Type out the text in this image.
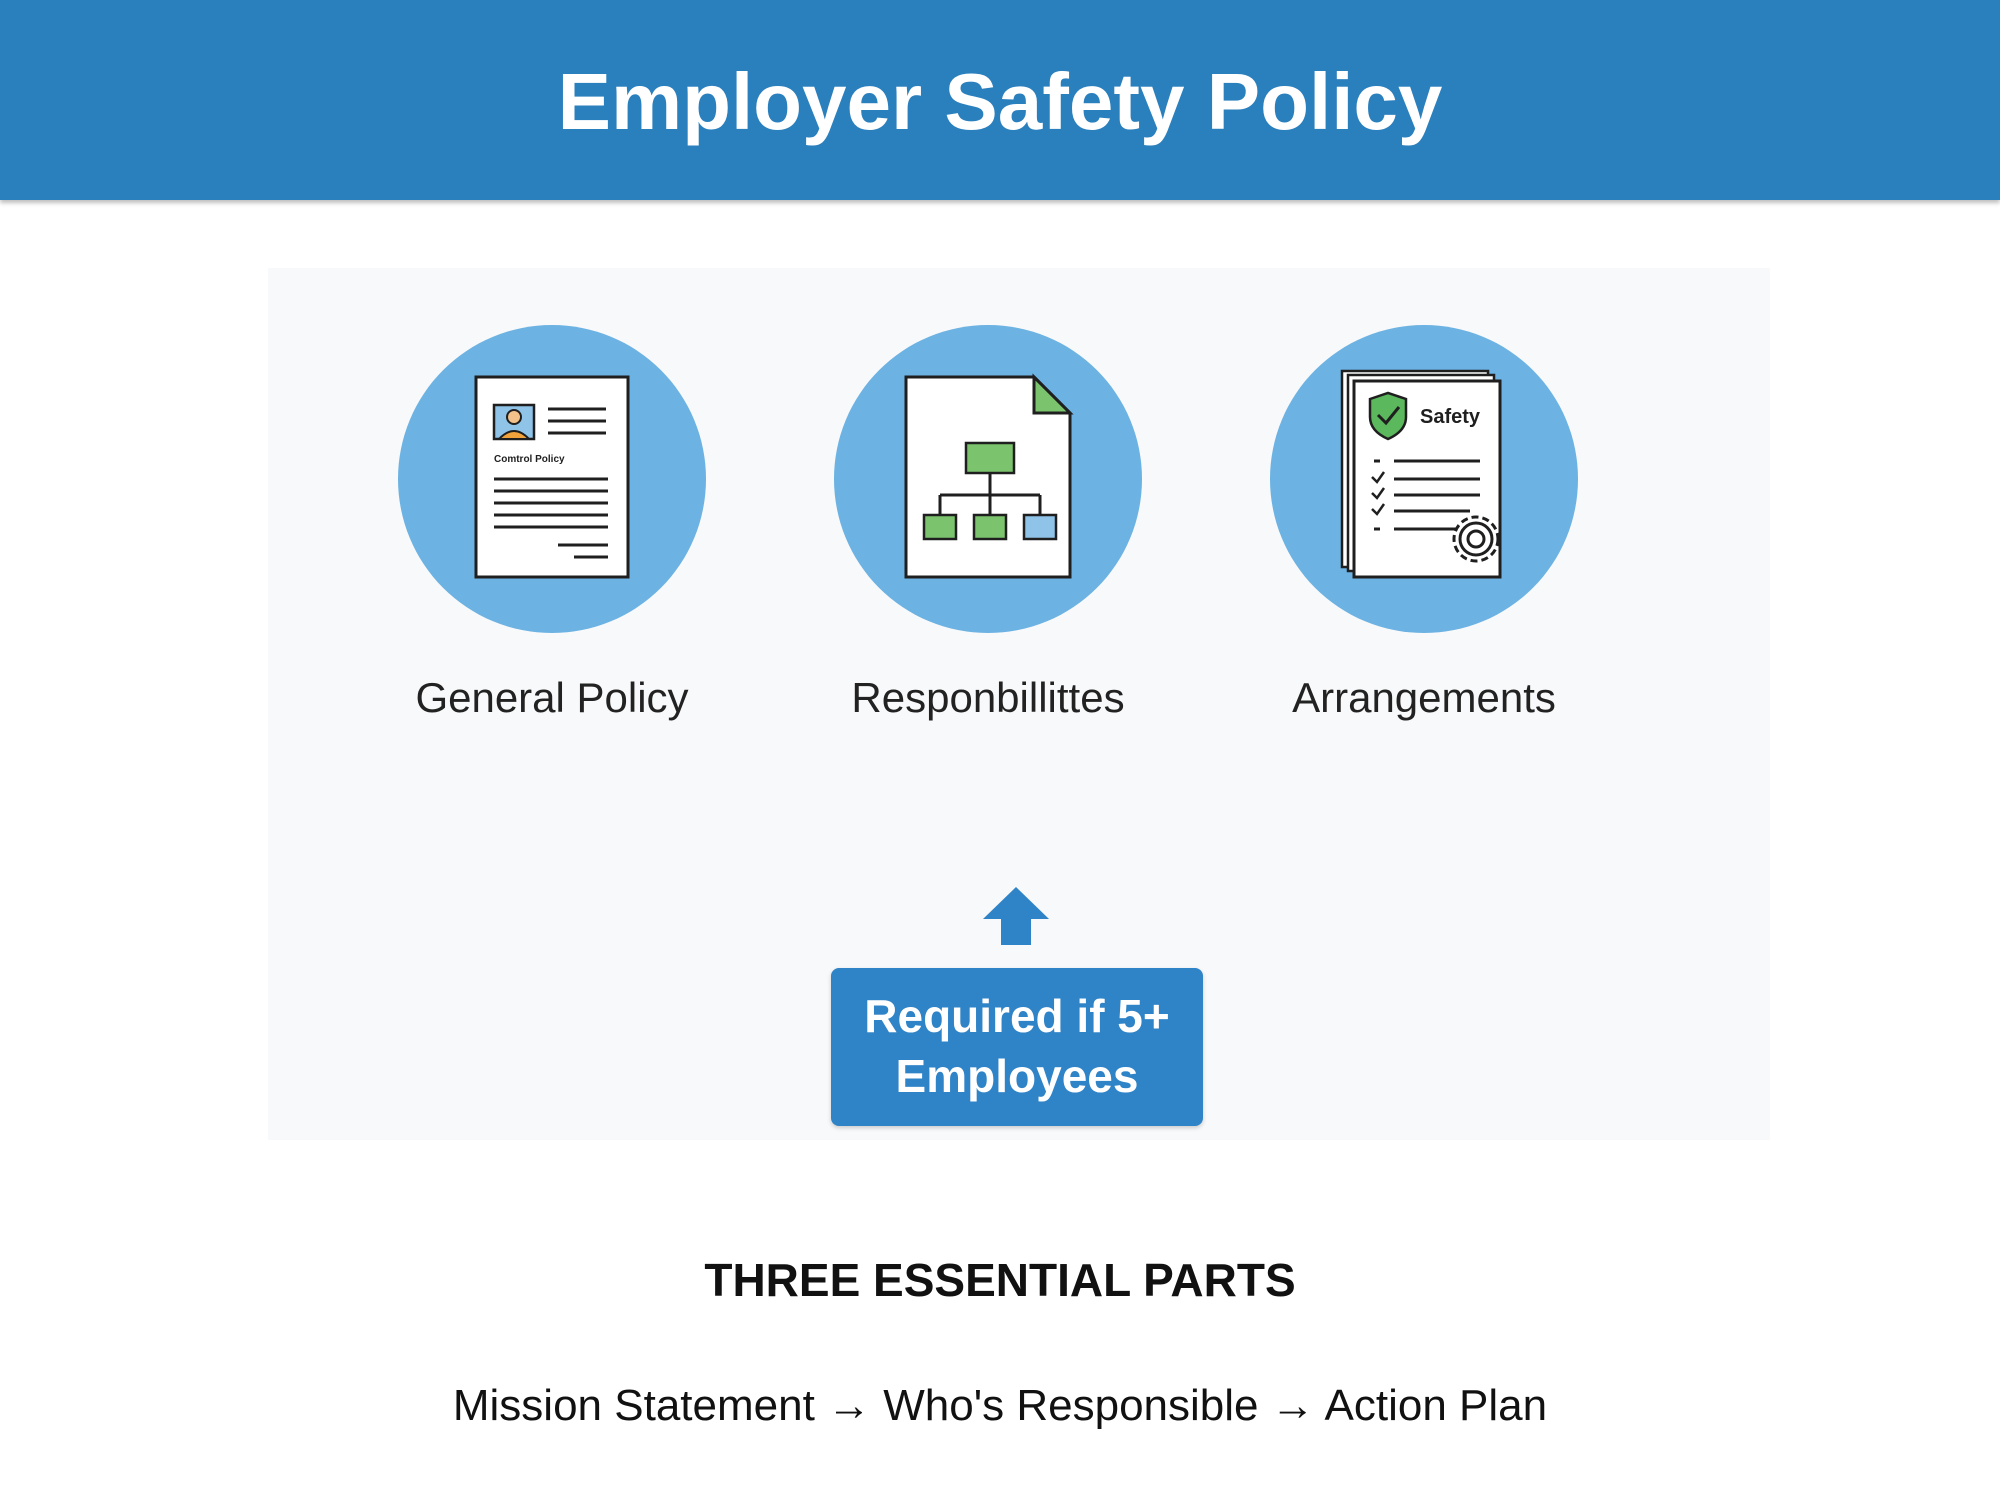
Employer Safety Policy
Comtrol Policy
General Policy	Responbillittes
Safety
Arrangements
Required if 5+
Employees
THREE ESSENTIAL PARTS
Mission Statement → Who's Responsible → Action Plan
